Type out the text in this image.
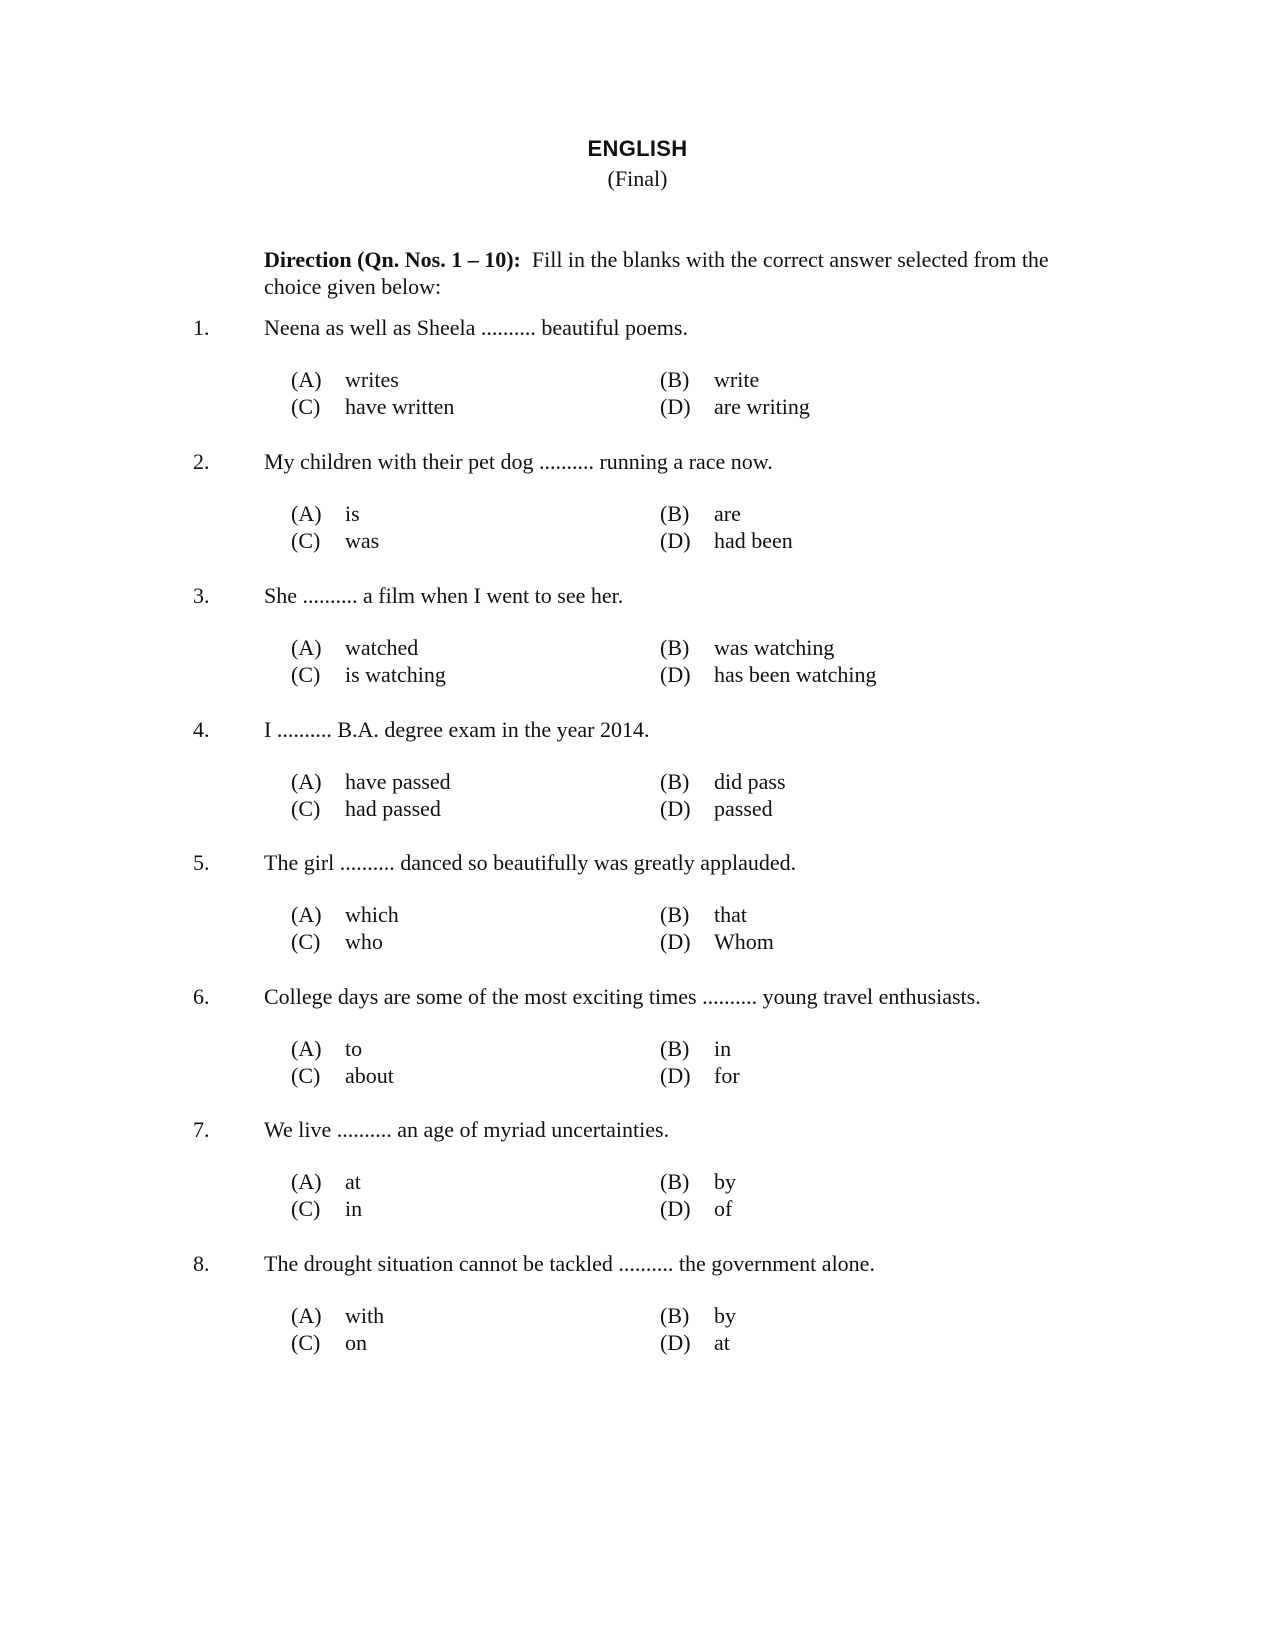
ENGLISH
(Final)
Direction (Qn. Nos. 1 – 10): Fill in the blanks with the correct answer selected from the choice given below:
1. Neena as well as Sheela .......... beautiful poems.
(A) writes	(B) write
(C) have written	(D) are writing
2. My children with their pet dog .......... running a race now.
(A) is	(B) are
(C) was	(D) had been
3. She .......... a film when I went to see her.
(A) watched	(B) was watching
(C) is watching	(D) has been watching
4. I .......... B.A. degree exam in the year 2014.
(A) have passed	(B) did pass
(C) had passed	(D) passed
5. The girl .......... danced so beautifully was greatly applauded.
(A) which	(B) that
(C) who	(D) Whom
6. College days are some of the most exciting times .......... young travel enthusiasts.
(A) to	(B) in
(C) about	(D) for
7. We live .......... an age of myriad uncertainties.
(A) at	(B) by
(C) in	(D) of
8. The drought situation cannot be tackled .......... the government alone.
(A) with	(B) by
(C) on	(D) at
